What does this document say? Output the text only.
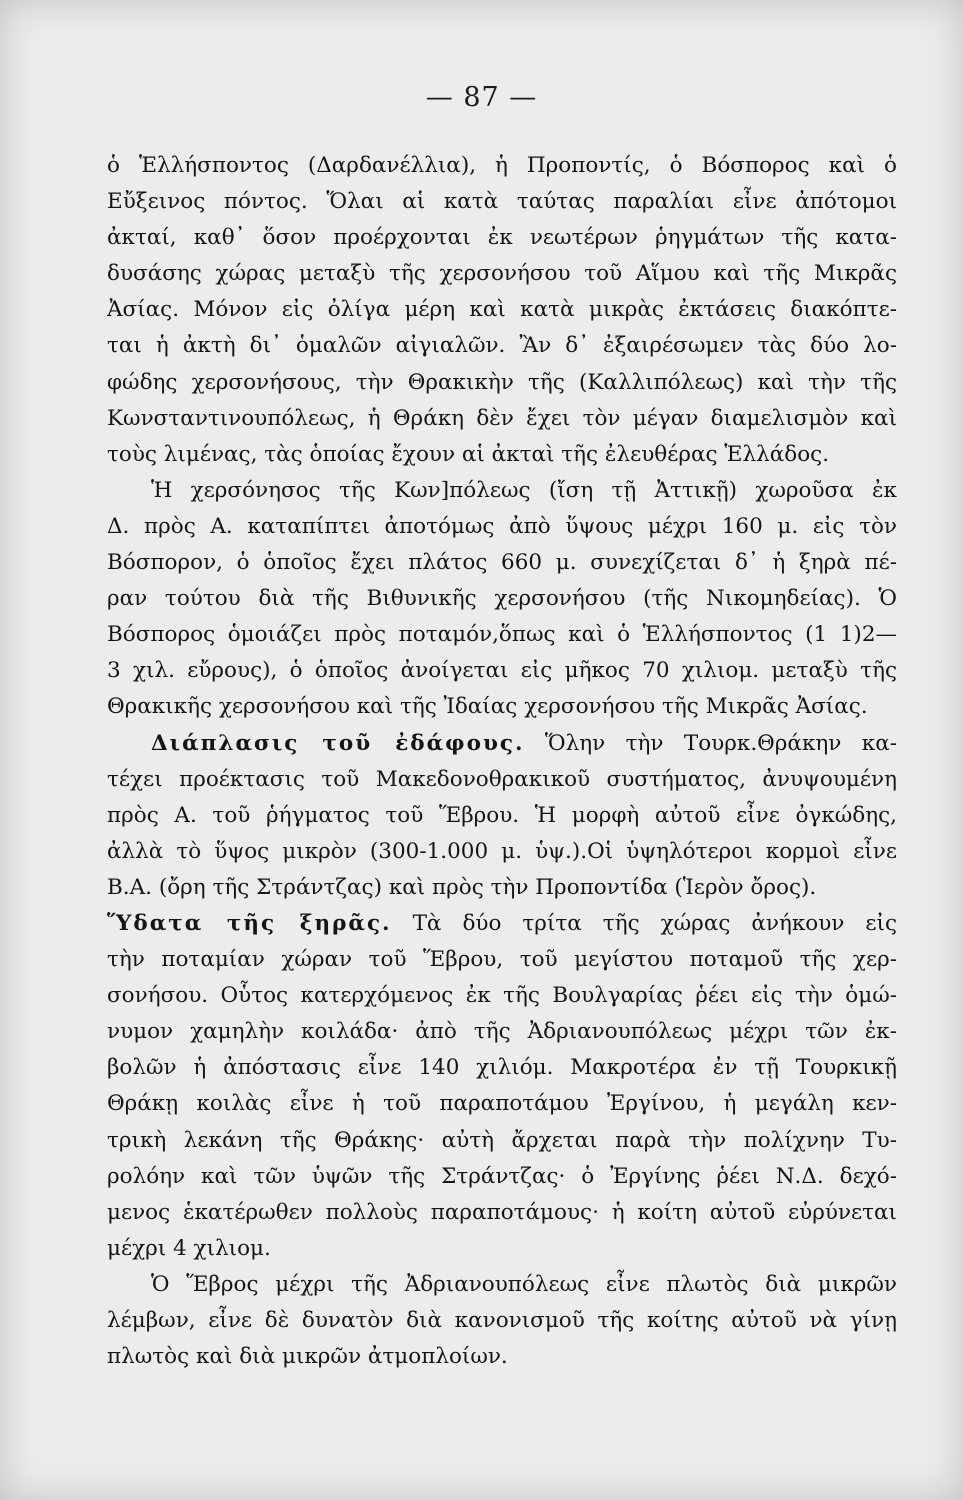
— 87 —
ὁ Ἑλλήσποντος (Δαρδανέλλια), ἡ Προποντίς, ὁ Βόσπορος καὶ ὁ
Εὔξεινος πόντος. Ὅλαι αἱ κατὰ ταύτας παραλίαι εἶνε ἀπότομοι
ἀκταί, καθ᾽ ὅσον προέρχονται ἐκ νεωτέρων ῥηγμάτων τῆς κατα-
δυσάσης χώρας μεταξὺ τῆς χερσονήσου τοῦ Αἵμου καὶ τῆς Μικρᾶς
Ἀσίας. Μόνον εἰς ὀλίγα μέρη καὶ κατὰ μικρὰς ἐκτάσεις διακόπτε-
ται ἡ ἀκτὴ δι᾽ ὁμαλῶν αἰγιαλῶν. Ἂν δ᾽ ἐξαιρέσωμεν τὰς δύο λο-
φώδης χερσονήσους, τὴν Θρακικὴν τῆς (Καλλιπόλεως) καὶ τὴν τῆς
Κωνσταντινουπόλεως, ἡ Θράκη δὲν ἔχει τὸν μέγαν διαμελισμὸν καὶ
τοὺς λιμένας, τὰς ὁποίας ἔχουν αἱ ἀκταὶ τῆς ἐλευθέρας Ἑλλάδος.
Ἡ χερσόνησος τῆς Κων]πόλεως (ἴση τῇ Ἀττικῇ) χωροῦσα ἐκ
Δ. πρὸς Α. καταπίπτει ἀποτόμως ἀπὸ ὕψους μέχρι 160 μ. εἰς τὸν
Βόσπορον, ὁ ὁποῖος ἔχει πλάτος 660 μ. συνεχίζεται δ᾽ ἡ ξηρὰ πέ-
ραν τούτου διὰ τῆς Βιθυνικῆς χερσονήσου (τῆς Νικομηδείας). Ὁ
Βόσπορος ὁμοιάζει πρὸς ποταμόν,ὅπως καὶ ὁ Ἑλλήσποντος (1 1)2—
3 χιλ. εὔρους), ὁ ὁποῖος ἀνοίγεται εἰς μῆκος 70 χιλιομ. μεταξὺ τῆς
Θρακικῆς χερσονήσου καὶ τῆς Ἰδαίας χερσονήσου τῆς Μικρᾶς Ἀσίας.
Διάπλασις τοῦ ἐδάφους. Ὅλην τὴν Τουρκ.Θράκην κα-
τέχει προέκτασις τοῦ Μακεδονοθρακικοῦ συστήματος, ἀνυψουμένη
πρὸς Α. τοῦ ῥήγματος τοῦ Ἕβρου. Ἡ μορφὴ αὐτοῦ εἶνε ὀγκώδης,
ἀλλὰ τὸ ὕψος μικρὸν (300-1.000 μ. ὑψ.).Οἱ ὑψηλότεροι κορμοὶ εἶνε
Β.Α. (ὄρη τῆς Στράντζας) καὶ πρὸς τὴν Προποντίδα (Ἱερὸν ὄρος).
Ὕδατα τῆς ξηρᾶς. Τὰ δύο τρίτα τῆς χώρας ἀνήκουν εἰς
τὴν ποταμίαν χώραν τοῦ Ἕβρου, τοῦ μεγίστου ποταμοῦ τῆς χερ-
σονήσου. Οὗτος κατερχόμενος ἐκ τῆς Βουλγαρίας ῥέει εἰς τὴν ὁμώ-
νυμον χαμηλὴν κοιλάδα· ἀπὸ τῆς Ἀδριανουπόλεως μέχρι τῶν ἐκ-
βολῶν ἡ ἀπόστασις εἶνε 140 χιλιόμ. Μακροτέρα ἐν τῇ Τουρκικῇ
Θράκῃ κοιλὰς εἶνε ἡ τοῦ παραποτάμου Ἐργίνου, ἡ μεγάλη κεν-
τρικὴ λεκάνη τῆς Θράκης· αὐτὴ ἄρχεται παρὰ τὴν πολίχνην Τυ-
ρολόην καὶ τῶν ὑψῶν τῆς Στράντζας· ὁ Ἐργίνης ῥέει Ν.Δ. δεχό-
μενος ἑκατέρωθεν πολλοὺς παραποτάμους· ἡ κοίτη αὐτοῦ εὐρύνεται
μέχρι 4 χιλιομ.
Ὁ Ἕβρος μέχρι τῆς Ἀδριανουπόλεως εἶνε πλωτὸς διὰ μικρῶν
λέμβων, εἶνε δὲ δυνατὸν διὰ κανονισμοῦ τῆς κοίτης αὐτοῦ νὰ γίνῃ
πλωτὸς καὶ διὰ μικρῶν ἀτμοπλοίων.
